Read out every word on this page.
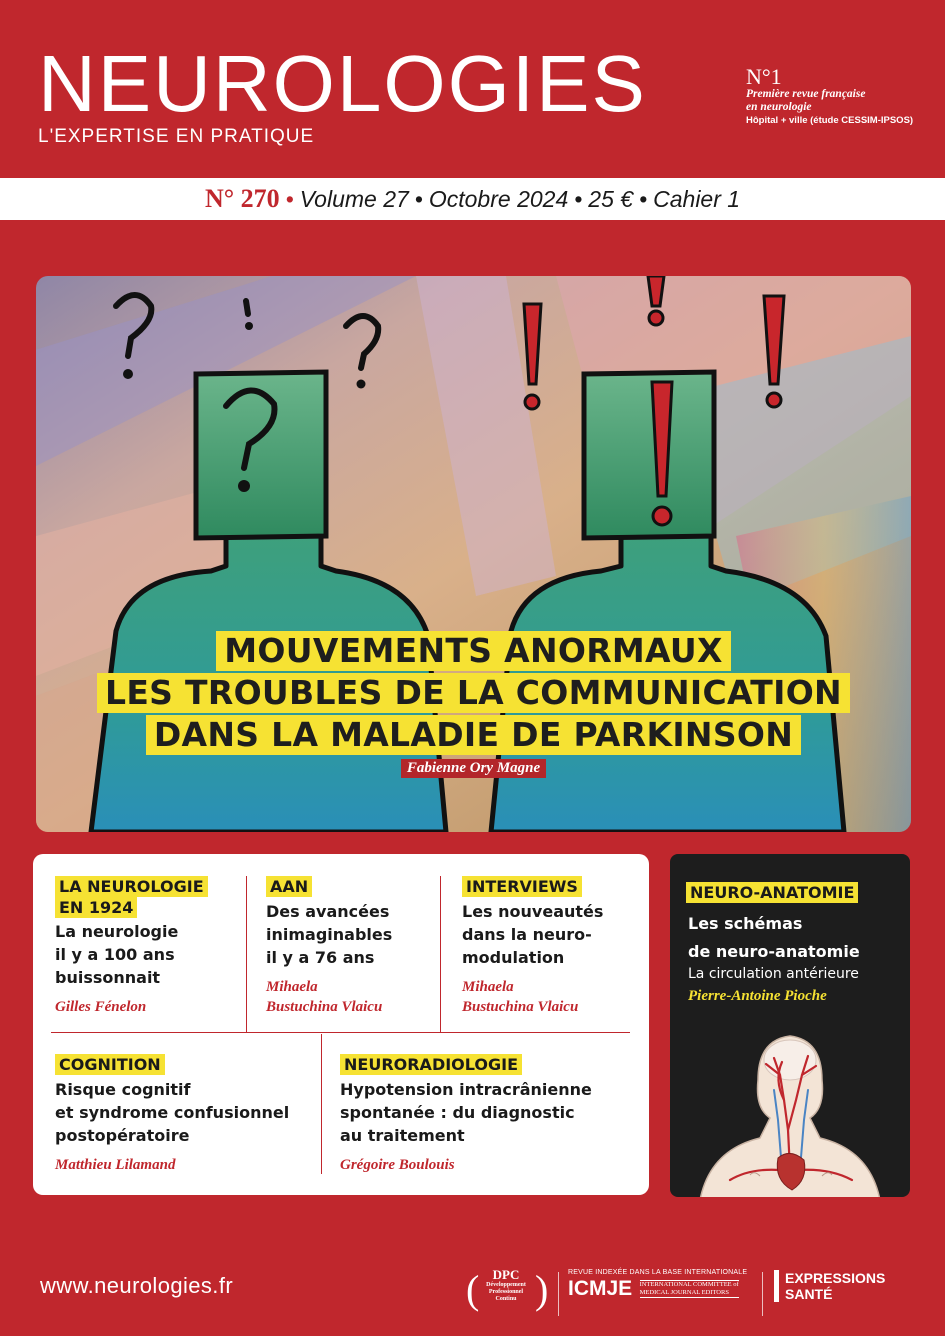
NEUROLOGIES
L'EXPERTISE EN PRATIQUE
N°1
Première revue française
en neurologie
Hôpital + ville (étude CESSIM-IPSOS)
N° 270 • Volume 27 • Octobre 2024 • 25 € • Cahier 1
MOUVEMENTS ANORMAUX
LES TROUBLES DE LA COMMUNICATION
DANS LA MALADIE DE PARKINSON
Fabienne Ory Magne
LA NEUROLOGIE
EN 1924
La neurologie
il y a 100 ans
buissonnait
Gilles Fénelon
AAN
Des avancées
inimaginables
il y a 76 ans
Mihaela
Bustuchina Vlaicu
INTERVIEWS
Les nouveautés
dans la neuro-
modulation
Mihaela
Bustuchina Vlaicu
COGNITION
Risque cognitif
et syndrome confusionnel
postopératoire
Matthieu Lilamand
NEURORADIOLOGIE
Hypotension intracrânienne
spontanée : du diagnostic
au traitement
Grégoire Boulouis
NEURO-ANATOMIE
Les schémas
de neuro-anatomie
La circulation antérieure
Pierre-Antoine Pioche
www.neurologies.fr	(	DPC
Développement
Professionnel
Continu )	REVUE INDEXÉE DANS LA BASE INTERNATIONALE
ICMJE INTERNATIONAL COMMITTEE of
MEDICAL JOURNAL EDITORS
EXPRESSIONS
SANTÉ
